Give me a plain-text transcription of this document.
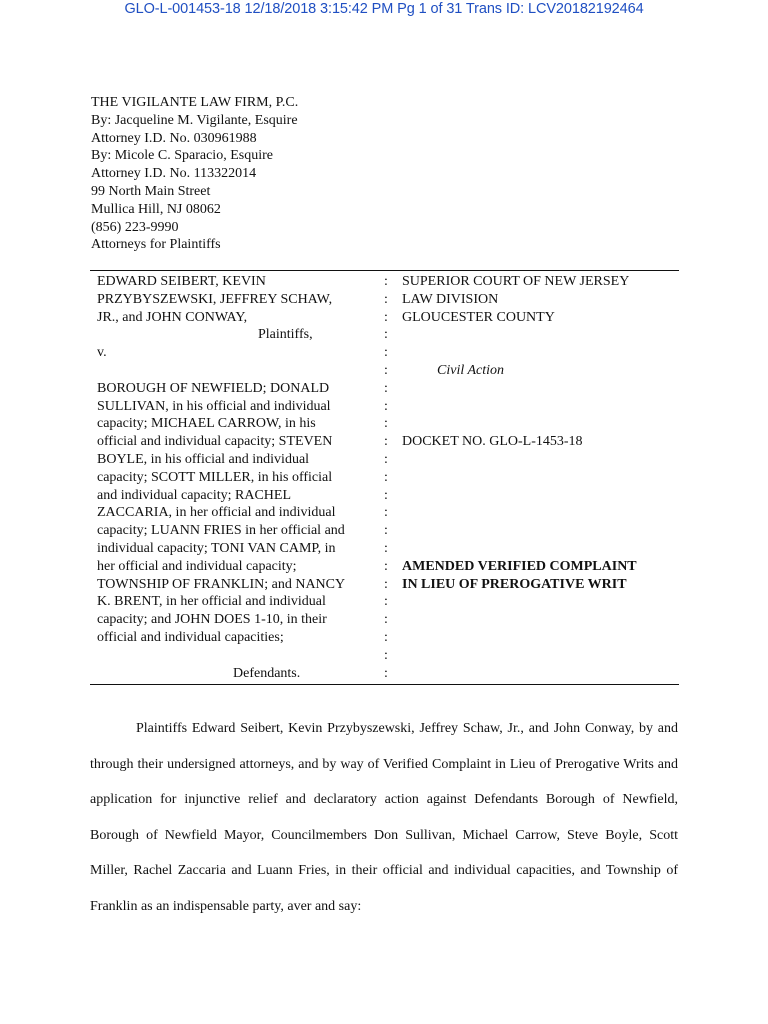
GLO-L-001453-18 12/18/2018 3:15:42 PM Pg 1 of 31 Trans ID: LCV20182192464
THE VIGILANTE LAW FIRM, P.C.
By: Jacqueline M. Vigilante, Esquire
Attorney I.D. No. 030961988
By: Micole C. Sparacio, Esquire
Attorney I.D. No. 113322014
99 North Main Street
Mullica Hill, NJ 08062
(856) 223-9990
Attorneys for Plaintiffs
EDWARD SEIBERT, KEVIN
PRZYBYSZEWSKI, JEFFREY SCHAW,
JR., and JOHN CONWAY,
Plaintiffs,
v.

BOROUGH OF NEWFIELD; DONALD
SULLIVAN, in his official and individual
capacity; MICHAEL CARROW, in his
official and individual capacity; STEVEN
BOYLE, in his official and individual
capacity; SCOTT MILLER, in his official
and individual capacity; RACHEL
ZACCARIA, in her official and individual
capacity; LUANN FRIES in her official and
individual capacity; TONI VAN CAMP, in
her official and individual capacity;
TOWNSHIP OF FRANKLIN; and NANCY
K. BRENT, in her official and individual
capacity; and JOHN DOES 1-10, in their
official and individual capacities;

Defendants.
:
:
:
:
:
:
:
:
:
:
:
:
:
:
:
:
:
:
:
:
:
:
:
SUPERIOR COURT OF NEW JERSEY
LAW DIVISION
GLOUCESTER COUNTY

Civil Action

DOCKET NO. GLO-L-1453-18

AMENDED VERIFIED COMPLAINT
IN LIEU OF PREROGATIVE WRIT

Plaintiffs Edward Seibert, Kevin Przybyszewski, Jeffrey Schaw, Jr., and John Conway, by and through their undersigned attorneys, and by way of Verified Complaint in Lieu of Prerogative Writs and application for injunctive relief and declaratory action against Defendants Borough of Newfield, Borough of Newfield Mayor, Councilmembers Don Sullivan, Michael Carrow, Steve Boyle, Scott Miller, Rachel Zaccaria and Luann Fries, in their official and individual capacities, and Township of Franklin as an indispensable party, aver and say:
